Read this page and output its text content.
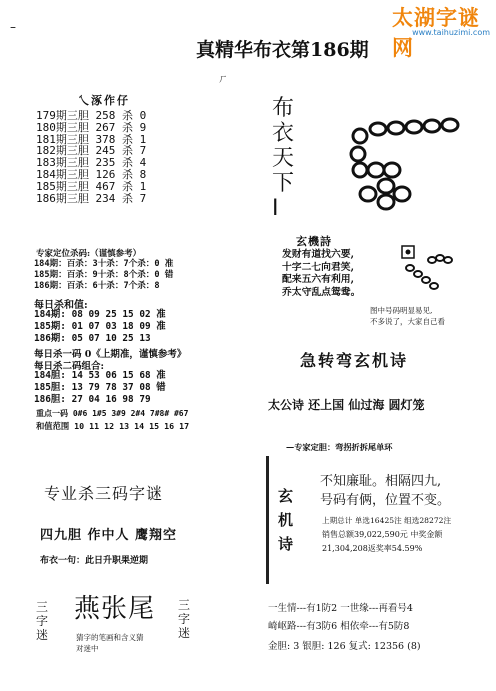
–	太湖字谜网
www.taihuzimi.com
真精华布衣第186期
ㄏ
乀涿作仔
179期三胆 258 杀 0
180期三胆 267 杀 9
181期三胆 378 杀 1
182期三胆 245 杀 7
183期三胆 235 杀 4
184期三胆 126 杀 8
185期三胆 467 杀 1
186期三胆 234 杀 7
专家定位杀码:（谨慎参考）
184期：百杀：3十杀：7个杀：0 准
185期：百杀：9十杀：8个杀：0 错
186期：百杀：6十杀：7个杀：8
每日杀和值:
184期: 08 09 25 15 02 准
185期: 01 07 03 18 09 准
186期: 05 07 10 25 13
每日杀一码 0《上期准，谨慎参考》
每日杀二码组合:
184胆: 14 53 06 15 68 准
185胆: 13 79 78 37 08 错
186胆: 27 04 16 98 79
重点一码 0#6 1#5 3#9 2#4 7#8# #67
和值范围 10 11 12 13 14 15 16 17
专业杀三码字谜
四九胆 作中人 鹰翔空
布衣一句：此日升职果逆期
三字迷
燕张尾 三字迷
猜字的笔画和含义猜
对迷中
布
衣
天
下
I
玄機詩
发财有道找六要,
十字二七向君笑,
配来五六有利用,
乔太守乱点鸳鸯。
图中号码明显易见,
不多说了，大家自己看
急转弯玄机诗
太公诗 还上国 仙过海 圆灯笼
—专家定胆：弯拐折拆尾单环
玄
机
诗
不知廉耻。相隔四九,
号码有俩，位置不变。
上期总计 单选16425注 组选28272注
销售总额39,022,590元 中奖金额
21,304,208返奖率54.59%
一生情---有1防2 一世缘---再看号4
崎岖路---有3防6 相依牵---有5防8
金胆: 3 银胆: 126 复式: 12356 (8)
